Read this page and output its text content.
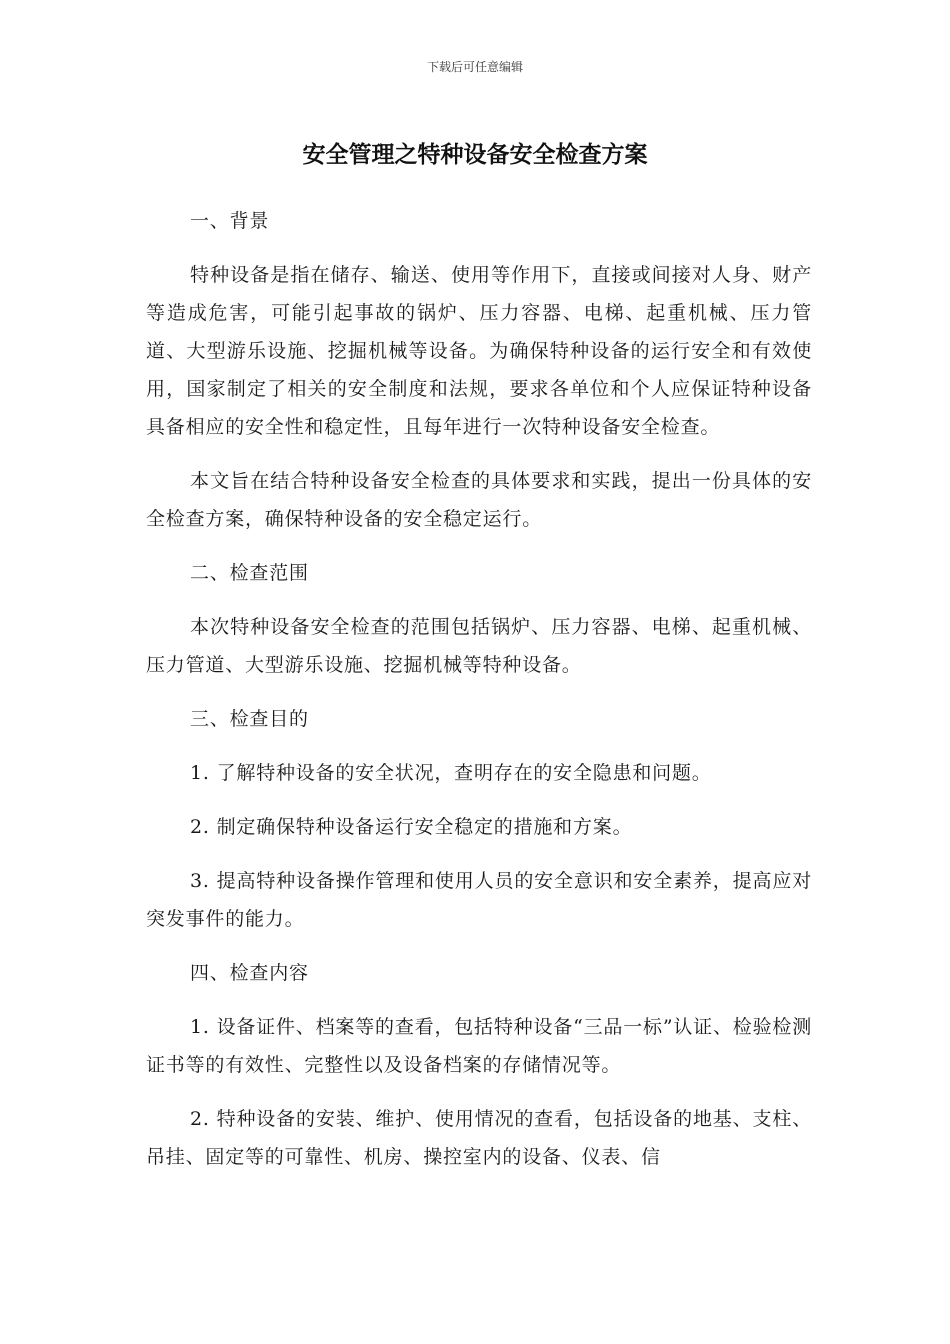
下载后可任意编辑
安全管理之特种设备安全检查方案

一、背景

特种设备是指在储存、输送、使用等作用下，直接或间接对人身、财产等造成危害，可能引起事故的锅炉、压力容器、电梯、起重机械、压力管道、大型游乐设施、挖掘机械等设备。为确保特种设备的运行安全和有效使用，国家制定了相关的安全制度和法规，要求各单位和个人应保证特种设备具备相应的安全性和稳定性，且每年进行一次特种设备安全检查。

本文旨在结合特种设备安全检查的具体要求和实践，提出一份具体的安全检查方案，确保特种设备的安全稳定运行。

二、检查范围

本次特种设备安全检查的范围包括锅炉、压力容器、电梯、起重机械、压力管道、大型游乐设施、挖掘机械等特种设备。

三、检查目的

1. 了解特种设备的安全状况，查明存在的安全隐患和问题。

2. 制定确保特种设备运行安全稳定的措施和方案。

3. 提高特种设备操作管理和使用人员的安全意识和安全素养，提高应对突发事件的能力。

四、检查内容

1. 设备证件、档案等的查看，包括特种设备“三品一标”认证、检验检测证书等的有效性、完整性以及设备档案的存储情况等。

2. 特种设备的安装、维护、使用情况的查看，包括设备的地基、支柱、吊挂、固定等的可靠性、机房、操控室内的设备、仪表、信
